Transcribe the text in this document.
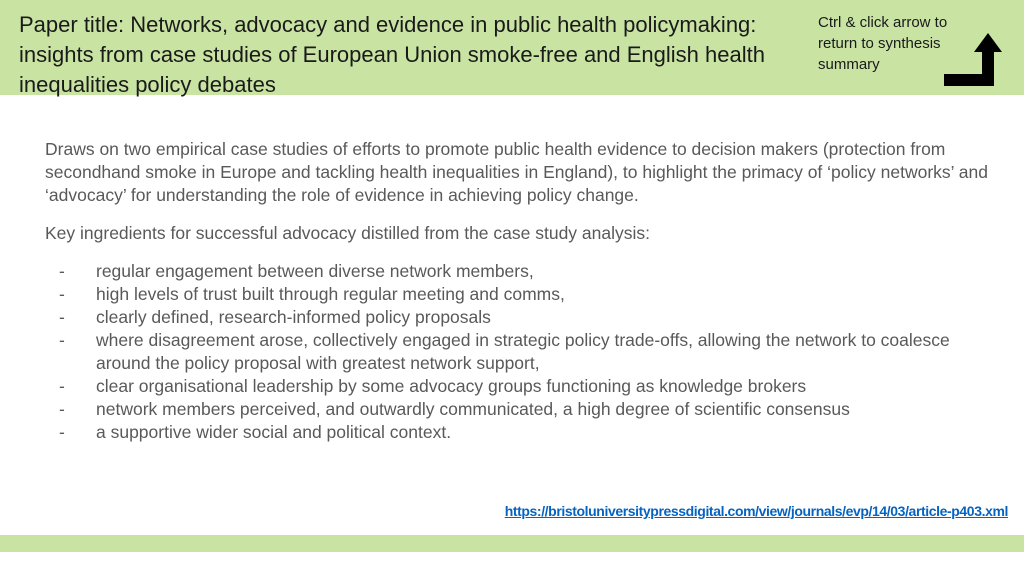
Paper title: Networks, advocacy and evidence in public health policymaking: insights from case studies of European Union smoke-free and English health inequalities policy debates

Ctrl & click arrow to return to synthesis summary

Draws on two empirical case studies of efforts to promote public health evidence to decision makers (protection from secondhand smoke in Europe and tackling health inequalities in England), to highlight the primacy of ‘policy networks’ and ‘advocacy’ for understanding the role of evidence in achieving policy change.

Key ingredients for successful advocacy distilled from the case study analysis:

- regular engagement between diverse network members,
- high levels of trust built through regular meeting and comms,
- clearly defined, research-informed policy proposals
- where disagreement arose, collectively engaged in strategic policy trade-offs, allowing the network to coalesce around the policy proposal with greatest network support,
- clear organisational leadership by some advocacy groups functioning as knowledge brokers
- network members perceived, and outwardly communicated, a high degree of scientific consensus
- a supportive wider social and political context.
https://bristoluniversitypressdigital.com/view/journals/evp/14/03/article-p403.xml
